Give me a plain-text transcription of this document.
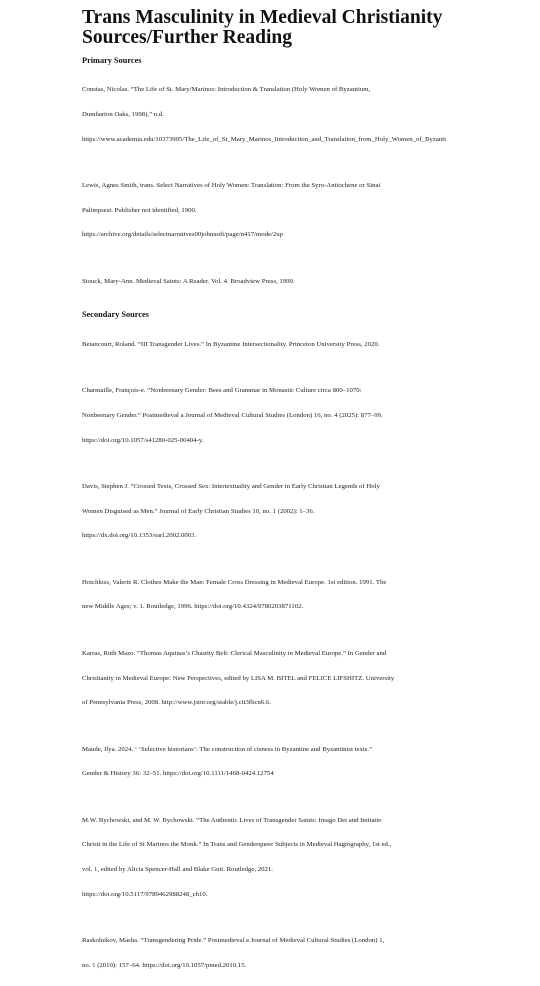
Trans Masculinity in Medieval Christianity
Sources/Further Reading
Primary Sources

Constas, Nicolas. “The Life of St. Mary/Marinos: Introduction & Translation (Holy Women of Byzantium,

Dumbarton Oaks, 1998),” n.d.

https://www.academia.edu/10373905/The_Life_of_St_Mary_Marinos_Introduction_and_Translation_from_Holy_Women_of_Byzanti

Lewis, Agnes Smith, trans. Select Narratives of Holy Women: Translation: From the Syro-Antiochene or Sinai

Palimpsest. Publisher not identified, 1900.

https://archive.org/details/selectnarratives00johnuoft/page/n417/mode/2up

Stouck, Mary-Ann. Medieval Saints: A Reader. Vol. 4. Broadview Press, 1999.

Secondary Sources

Betancourt, Roland. “III Transgender Lives.” In Byzantine Intersectionality. Princeton University Press, 2020.

Charmaille, François-e. “Nonbeenary Gender: Bees and Grammar in Monastic Culture circa 800–1070:

Nonbeenary Gender.” Postmedieval a Journal of Medieval Cultural Studies (London) 16, no. 4 (2025): 877–99.

https://doi.org/10.1057/s41280-025-00404-y.

Davis, Stephen J. “Crossed Texts, Crossed Sex: Intertextuality and Gender in Early Christian Legends of Holy

Women Disguised as Men.” Journal of Early Christian Studies 10, no. 1 (2002): 1–36.

https://dx.doi.org/10.1353/earl.2002.0003.

Hotchkiss, Valerie R. Clothes Make the Man: Female Cross Dressing in Medieval Europe. 1st edition. 1991. The

new Middle Ages; v. 1. Routledge, 1996. https://doi.org/10.4324/9780203871102.

Karras, Ruth Mazo. “Thomas Aquinas’s Chastity Belt: Clerical Masculinity in Medieval Europe.” In Gender and

Christianity in Medieval Europe: New Perspectives, edited by LISA M. BITEL and FELICE LIFSHITZ. University

of Pennsylvania Press, 2008. http://www.jstor.org/stable/j.ctt3fhcn6.6.

Maude, Ilya. 2024. ‘ ‘Selective historians’: The construction of cisness in Byzantine and Byzantinist texts.”

Gender & History 36: 32–51. https://doi.org/10.1111/1468-0424.12754

M.W. Bychowski, and M. W. Bychowski. “The Authentic Lives of Transgender Saints: Imago Dei and Imitatio

Christi in the Life of St Marinos the Monk.” In Trans and Genderqueer Subjects in Medieval Hagiography, 1st ed.,

vol. 1, edited by Alicia Spencer-Hall and Blake Gutt. Routledge, 2021.

https://doi.org/10.5117/9789462988248_ch10.

Raskolnikov, Masha. “Transgendering Pride.” Postmedieval a Journal of Medieval Cultural Studies (London) 1,

no. 1 (2010): 157–64. https://doi.org/10.1057/pmed.2010.15.
